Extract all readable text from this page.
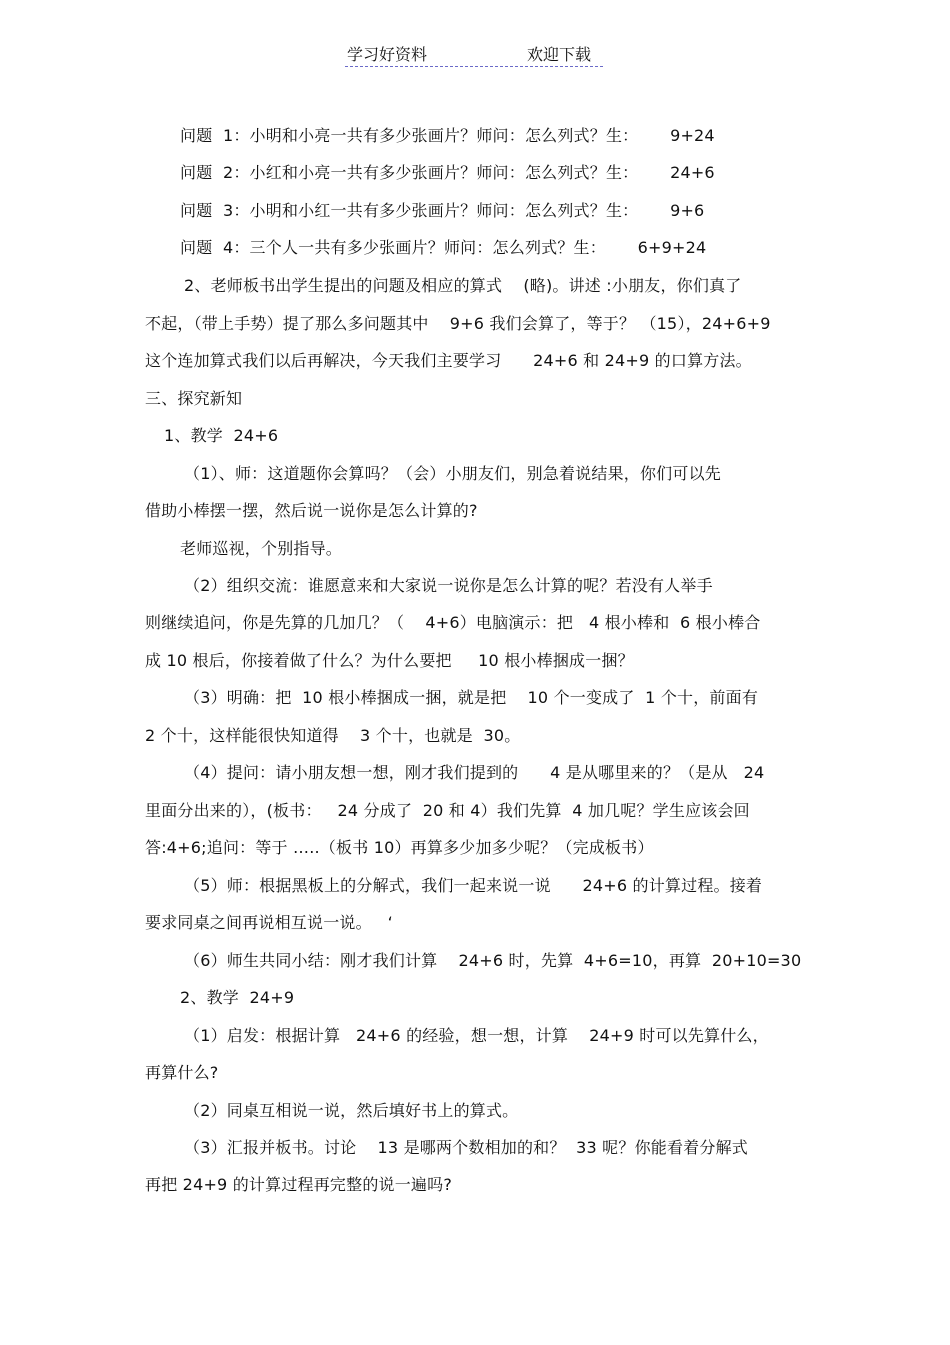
学习好资料	欢迎下载
问题  1：小明和小亮一共有多少张画片？师问：怎么列式？生：      9+24
问题  2：小红和小亮一共有多少张画片？师问：怎么列式？生：      24+6
问题  3：小明和小红一共有多少张画片？师问：怎么列式？生：      9+6
问题  4：三个人一共有多少张画片？师问：怎么列式？生：      6+9+24
2、老师板书出学生提出的问题及相应的算式    (略)。讲述 :小朋友，你们真了
不起，（带上手势）提了那么多问题其中    9+6 我们会算了，等于？ （15），24+6+9
这个连加算式我们以后再解决，今天我们主要学习      24+6 和 24+9 的口算方法。
三、探究新知
1、教学  24+6
（1）、师：这道题你会算吗？（会）小朋友们，别急着说结果，你们可以先
借助小棒摆一摆，然后说一说你是怎么计算的?
老师巡视，个别指导。
（2）组织交流：谁愿意来和大家说一说你是怎么计算的呢？若没有人举手
则继续追问，你是先算的几加几？（    4+6）电脑演示：把   4 根小棒和  6 根小棒合
成 10 根后，你接着做了什么？为什么要把     10 根小棒捆成一捆？
（3）明确：把  10 根小棒捆成一捆，就是把    10 个一变成了  1 个十，前面有
2 个十，这样能很快知道得    3 个十，也就是  30。
（4）提问：请小朋友想一想，刚才我们提到的      4 是从哪里来的？（是从   24
里面分出来的），(板书：   24 分成了  20 和 4）我们先算  4 加几呢？学生应该会回
答:4+6;追问：等于 …..（板书 10）再算多少加多少呢？（完成板书）
（5）师：根据黑板上的分解式，我们一起来说一说      24+6 的计算过程。接着
要求同桌之间再说相互说一说。   ‘
（6）师生共同小结：刚才我们计算    24+6 时，先算  4+6=10，再算  20+10=30
2、教学  24+9
（1）启发：根据计算   24+6 的经验，想一想，计算    24+9 时可以先算什么，
再算什么?
（2）同桌互相说一说，然后填好书上的算式。
（3）汇报并板书。讨论    13 是哪两个数相加的和？  33 呢？你能看着分解式
再把 24+9 的计算过程再完整的说一遍吗?
